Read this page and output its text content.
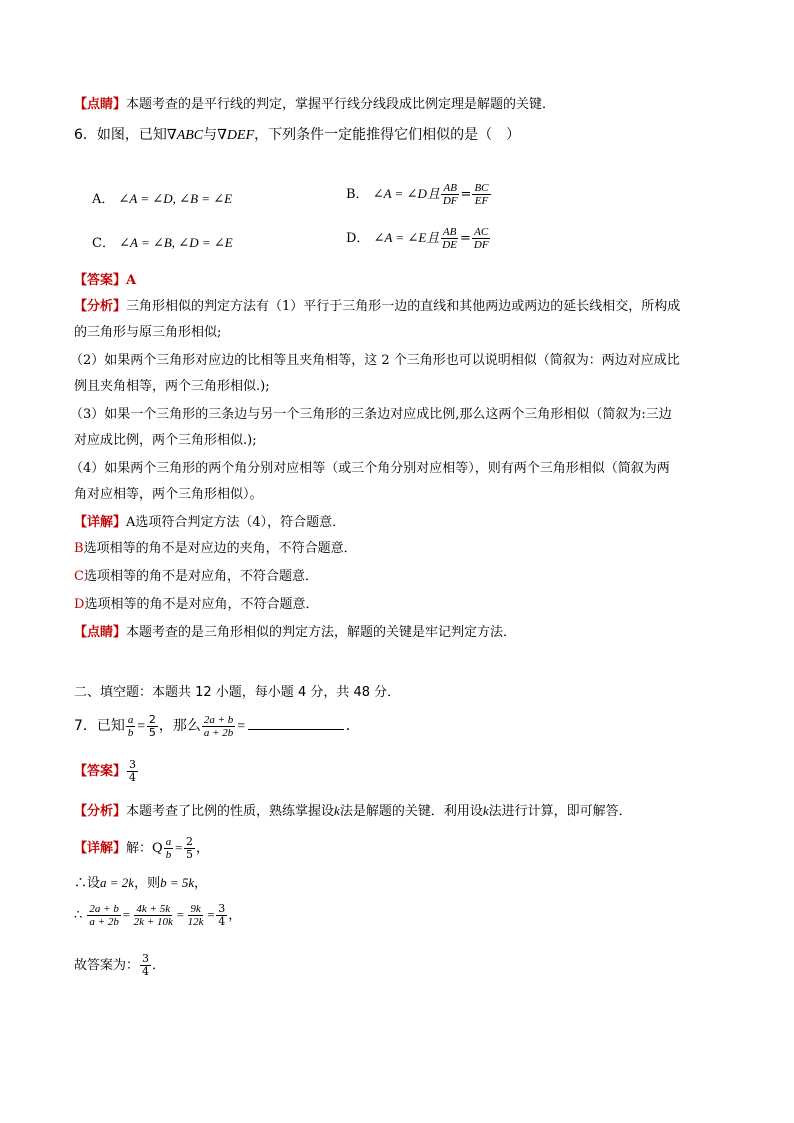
【点睛】本题考查的是平行线的判定，掌握平行线分线段成比例定理是解题的关键．
6．如图，已知∇ABC与∇DEF，下列条件一定能推得它们相似的是（　）
A． ∠A = ∠D, ∠B = ∠E	B． ∠A = ∠D且 $\frac{AB}{DF} = \frac{BC}{EF}$
C． ∠A = ∠B, ∠D = ∠E	D． ∠A = ∠E且 $\frac{AB}{DE} = \frac{AC}{DF}$
【答案】A
【分析】三角形相似的判定方法有（1）平行于三角形一边的直线和其他两边或两边的延长线相交，所构成
的三角形与原三角形相似;
（2）如果两个三角形对应边的比相等且夹角相等，这 2 个三角形也可以说明相似（简叙为：两边对应成比
例且夹角相等，两个三角形相似.);
（3）如果一个三角形的三条边与另一个三角形的三条边对应成比例,那么这两个三角形相似（简叙为:三边
对应成比例，两个三角形相似.);
（4）如果两个三角形的两个角分别对应相等（或三个角分别对应相等），则有两个三角形相似（简叙为两
角对应相等，两个三角形相似）。
【详解】A选项符合判定方法（4），符合题意．
B选项相等的角不是对应边的夹角，不符合题意．
C选项相等的角不是对应角，不符合题意．
D选项相等的角不是对应角，不符合题意．
【点睛】本题考查的是三角形相似的判定方法，解题的关键是牢记判定方法．
二、填空题：本题共 12 小题，每小题 4 分，共 48 分．
7．已知 $\frac{a}{b} = \frac{2}{5}$ ，那么 $\frac{2a + b}{a + 2b}$ =	．
【答案】 $\frac{3}{4}$
【分析】本题考查了比例的性质，熟练掌握设k法是解题的关键．利用设k法进行计算，即可解答．
【详解】解：Q $\frac{a}{b} = \frac{2}{5}$ ，
∴设a = 2k，则b = 5k，
∴ $\frac{2a + b}{a + 2b} = \frac{4k + 5k}{2k + 10k} = \frac{9k}{12k} = \frac{3}{4}$ ，
故答案为： $\frac{3}{4}$ ．
